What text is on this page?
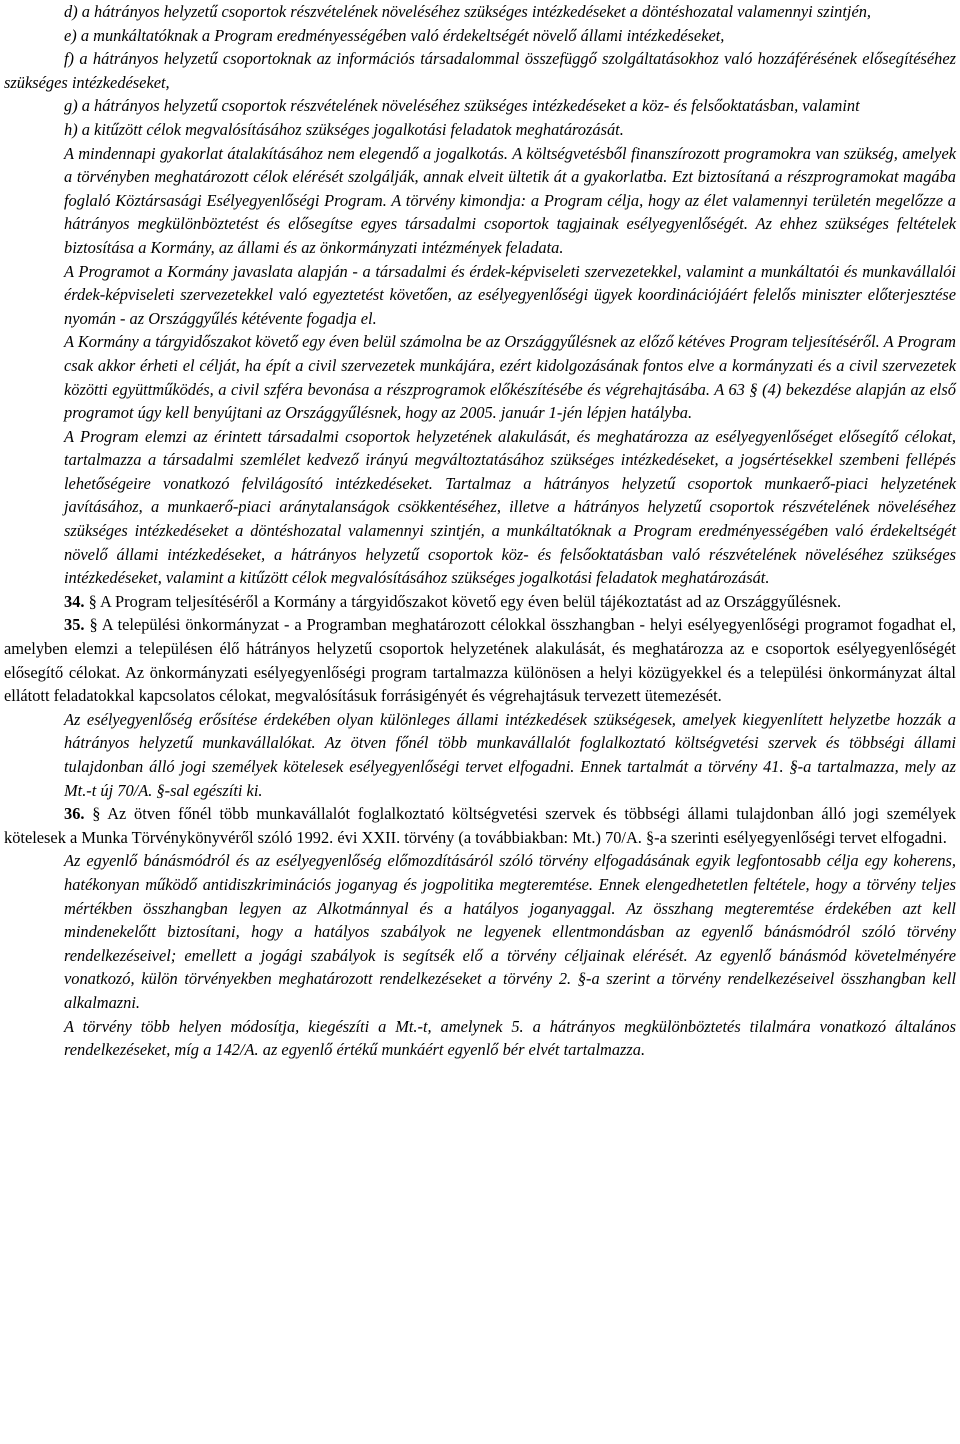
d) a hátrányos helyzetű csoportok részvételének növeléséhez szükséges intézkedéseket a döntéshozatal valamennyi szintjén,

e) a munkáltatóknak a Program eredményességében való érdekeltségét növelő állami intézkedéseket,

f) a hátrányos helyzetű csoportoknak az információs társadalommal összefüggő szolgáltatásokhoz való hozzáférésének elősegítéséhez szükséges intézkedéseket,

g) a hátrányos helyzetű csoportok részvételének növeléséhez szükséges intézkedéseket a köz- és felsőoktatásban, valamint

h) a kitűzött célok megvalósításához szükséges jogalkotási feladatok meghatározását.

A mindennapi gyakorlat átalakításához nem elegendő a jogalkotás. A költségvetésből finanszírozott programokra van szükség, amelyek a törvényben meghatározott célok elérését szolgálják, annak elveit ültetik át a gyakorlatba. Ezt biztosítaná a részprogramokat magába foglaló Köztársasági Esélyegyenlőségi Program. A törvény kimondja: a Program célja, hogy az élet valamennyi területén megelőzze a hátrányos megkülönböztetést és elősegítse egyes társadalmi csoportok tagjainak esélyegyenlőségét. Az ehhez szükséges feltételek biztosítása a Kormány, az állami és az önkormányzati intézmények feladata.

A Programot a Kormány javaslata alapján - a társadalmi és érdek-képviseleti szervezetekkel, valamint a munkáltatói és munkavállalói érdek-képviseleti szervezetekkel való egyeztetést követően, az esélyegyenlőségi ügyek koordinációjáért felelős miniszter előterjesztése nyomán - az Országgyűlés kétévente fogadja el.

A Kormány a tárgyidőszakot követő egy éven belül számolna be az Országgyűlésnek az előző kétéves Program teljesítéséről. A Program csak akkor érheti el célját, ha épít a civil szervezetek munkájára, ezért kidolgozásának fontos elve a kormányzati és a civil szervezetek közötti együttműködés, a civil szféra bevonása a részprogramok előkészítésébe és végrehajtásába. A 63 § (4) bekezdése alapján az első programot úgy kell benyújtani az Országgyűlésnek, hogy az 2005. január 1-jén lépjen hatályba.

A Program elemzi az érintett társadalmi csoportok helyzetének alakulását, és meghatározza az esélyegyenlőséget elősegítő célokat, tartalmazza a társadalmi szemlélet kedvező irányú megváltoztatásához szükséges intézkedéseket, a jogsértésekkel szembeni fellépés lehetőségeire vonatkozó felvilágosító intézkedéseket. Tartalmaz a hátrányos helyzetű csoportok munkaerő-piaci helyzetének javításához, a munkaerő-piaci aránytalanságok csökkentéséhez, illetve a hátrányos helyzetű csoportok részvételének növeléséhez szükséges intézkedéseket a döntéshozatal valamennyi szintjén, a munkáltatóknak a Program eredményességében való érdekeltségét növelő állami intézkedéseket, a hátrányos helyzetű csoportok köz- és felsőoktatásban való részvételének növeléséhez szükséges intézkedéseket, valamint a kitűzött célok megvalósításához szükséges jogalkotási feladatok meghatározását.

34. § A Program teljesítéséről a Kormány a tárgyidőszakot követő egy éven belül tájékoztatást ad az Országgyűlésnek.

35. § A települési önkormányzat - a Programban meghatározott célokkal összhangban - helyi esélyegyenlőségi programot fogadhat el, amelyben elemzi a településen élő hátrányos helyzetű csoportok helyzetének alakulását, és meghatározza az e csoportok esélyegyenlőségét elősegítő célokat. Az önkormányzati esélyegyenlőségi program tartalmazza különösen a helyi közügyekkel és a települési önkormányzat által ellátott feladatokkal kapcsolatos célokat, megvalósításuk forrásigényét és végrehajtásuk tervezett ütemezését.

Az esélyegyenlőség erősítése érdekében olyan különleges állami intézkedések szükségesek, amelyek kiegyenlített helyzetbe hozzák a hátrányos helyzetű munkavállalókat. Az ötven főnél több munkavállalót foglalkoztató költségvetési szervek és többségi állami tulajdonban álló jogi személyek kötelesek esélyegyenlőségi tervet elfogadni. Ennek tartalmát a törvény 41. §-a tartalmazza, mely az Mt.-t új 70/A. §-sal egészíti ki.

36. § Az ötven főnél több munkavállalót foglalkoztató költségvetési szervek és többségi állami tulajdonban álló jogi személyek kötelesek a Munka Törvénykönyvéről szóló 1992. évi XXII. törvény (a továbbiakban: Mt.) 70/A. §-a szerinti esélyegyenlőségi tervet elfogadni.

Az egyenlő bánásmódról és az esélyegyenlőség előmozdításáról szóló törvény elfogadásának egyik legfontosabb célja egy koherens, hatékonyan működő antidiszkriminációs joganyag és jogpolitika megteremtése. Ennek elengedhetetlen feltétele, hogy a törvény teljes mértékben összhangban legyen az Alkotmánnyal és a hatályos joganyaggal. Az összhang megteremtése érdekében azt kell mindenekelőtt biztosítani, hogy a hatályos szabályok ne legyenek ellentmondásban az egyenlő bánásmódról szóló törvény rendelkezéseivel; emellett a jogági szabályok is segítsék elő a törvény céljainak elérését. Az egyenlő bánásmód követelményére vonatkozó, külön törvényekben meghatározott rendelkezéseket a törvény 2. §-a szerint a törvény rendelkezéseivel összhangban kell alkalmazni.

A törvény több helyen módosítja, kiegészíti a Mt.-t, amelynek 5. a hátrányos megkülönböztetés tilalmára vonatkozó általános rendelkezéseket, míg a 142/A. az egyenlő értékű munkáért egyenlő bér elvét tartalmazza.
